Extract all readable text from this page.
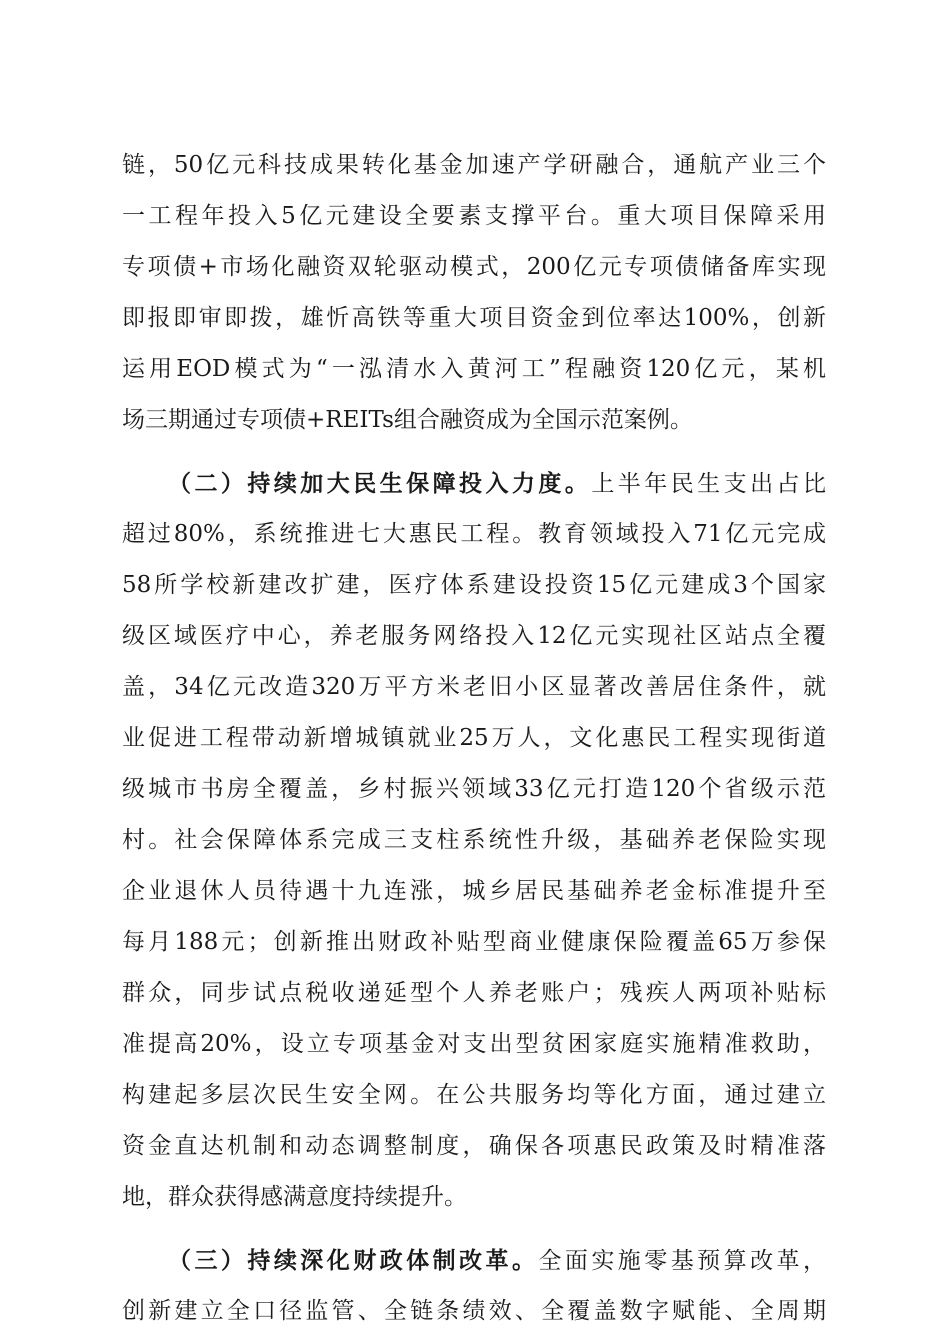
链，50亿元科技成果转化基金加速产学研融合，通航产业三个
一工程年投入5亿元建设全要素支撑平台。重大项目保障采用
专项债+市场化融资双轮驱动模式，200亿元专项债储备库实现
即报即审即拨，雄忻高铁等重大项目资金到位率达100%，创新
运用EOD模式为“一泓清水入黄河工”程融资120亿元，某机
场三期通过专项债+REITs组合融资成为全国示范案例。
（二）持续加大民生保障投入力度。上半年民生支出占比
超过80%，系统推进七大惠民工程。教育领域投入71亿元完成
58所学校新建改扩建，医疗体系建设投资15亿元建成3个国家
级区域医疗中心，养老服务网络投入12亿元实现社区站点全覆
盖，34亿元改造320万平方米老旧小区显著改善居住条件，就
业促进工程带动新增城镇就业25万人，文化惠民工程实现街道
级城市书房全覆盖，乡村振兴领域33亿元打造120个省级示范
村。社会保障体系完成三支柱系统性升级，基础养老保险实现
企业退休人员待遇十九连涨，城乡居民基础养老金标准提升至
每月188元；创新推出财政补贴型商业健康保险覆盖65万参保
群众，同步试点税收递延型个人养老账户；残疾人两项补贴标
准提高20%，设立专项基金对支出型贫困家庭实施精准救助，
构建起多层次民生安全网。在公共服务均等化方面，通过建立
资金直达机制和动态调整制度，确保各项惠民政策及时精准落
地，群众获得感满意度持续提升。
（三）持续深化财政体制改革。全面实施零基预算改革，
创新建立全口径监管、全链条绩效、全覆盖数字赋能、全周期
